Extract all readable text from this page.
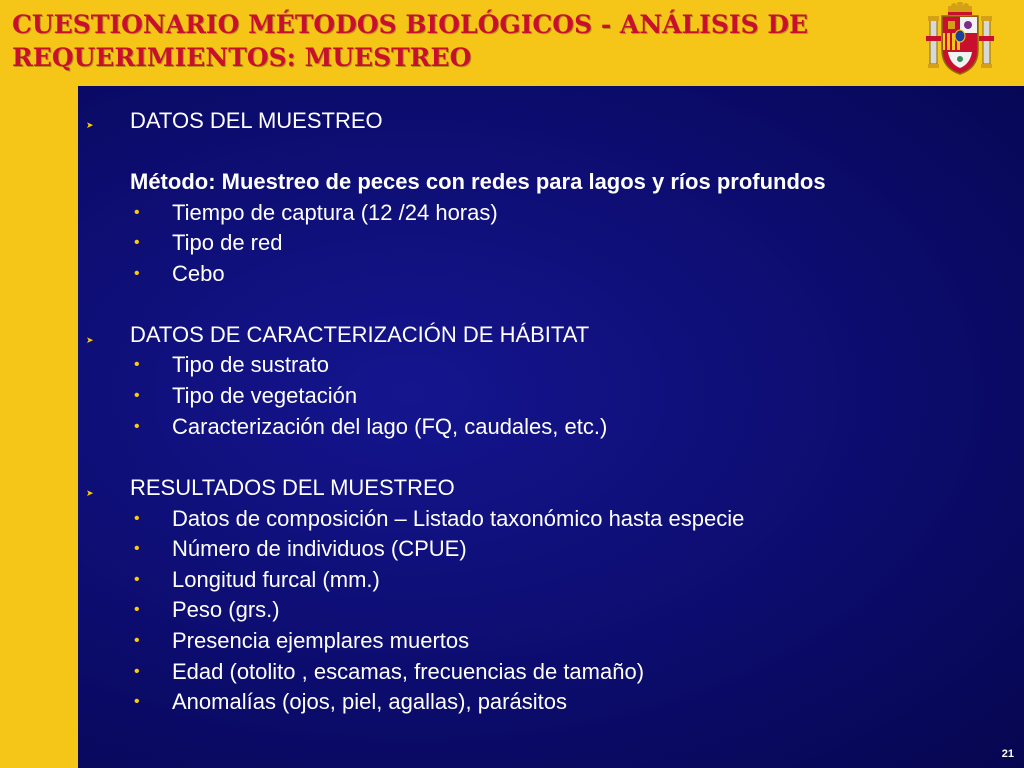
CUESTIONARIO MÉTODOS BIOLÓGICOS - ANÁLISIS DE
REQUERIMIENTOS: MUESTREO
➤ DATOS DEL MUESTREO
Método: Muestreo de peces con redes para lagos y ríos profundos
• Tiempo de captura (12 /24 horas)
• Tipo de red
• Cebo
➤ DATOS DE CARACTERIZACIÓN DE HÁBITAT
• Tipo de sustrato
• Tipo de vegetación
• Caracterización del lago (FQ, caudales, etc.)
➤ RESULTADOS DEL MUESTREO
• Datos de composición – Listado taxonómico hasta especie
• Número de individuos (CPUE)
• Longitud furcal (mm.)
• Peso (grs.)
• Presencia ejemplares muertos
• Edad (otolito , escamas, frecuencias de tamaño)
• Anomalías (ojos, piel, agallas), parásitos
21
